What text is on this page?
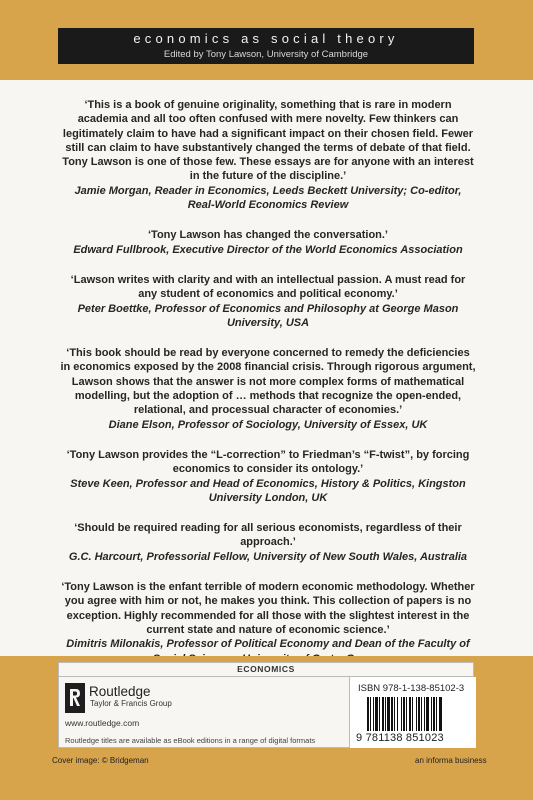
economics as social theory
Edited by Tony Lawson, University of Cambridge

‘This is a book of genuine originality, something that is rare in modern academia and all too often confused with mere novelty. Few thinkers can legitimately claim to have had a significant impact on their chosen field. Fewer still can claim to have substantively changed the terms of debate of that field. Tony Lawson is one of those few. These essays are for anyone with an interest in the future of the discipline.’

Jamie Morgan, Reader in Economics, Leeds Beckett University; Co-editor, Real-World Economics Review

‘Tony Lawson has changed the conversation.’

Edward Fullbrook, Executive Director of the World Economics Association

‘Lawson writes with clarity and with an intellectual passion. A must read for any student of economics and political economy.’

Peter Boettke, Professor of Economics and Philosophy at George Mason University, USA

‘This book should be read by everyone concerned to remedy the deficiencies in economics exposed by the 2008 financial crisis. Through rigorous argument, Lawson shows that the answer is not more complex forms of mathematical modelling, but the adoption of … methods that recognize the open-ended, relational, and processual character of economies.’

Diane Elson, Professor of Sociology, University of Essex, UK

‘Tony Lawson provides the “L-correction” to Friedman’s “F-twist”, by forcing economics to consider its ontology.’

Steve Keen, Professor and Head of Economics, History & Politics, Kingston University London, UK

‘Should be required reading for all serious economists, regardless of their approach.’

G.C. Harcourt, Professorial Fellow, University of New South Wales, Australia

‘Tony Lawson is the enfant terrible of modern economic methodology. Whether you agree with him or not, he makes you think. This collection of papers is no exception. Highly recommended for all those with the slightest interest in the current state and nature of economic science.’

Dimitris Milonakis, Professor of Political Economy and Dean of the Faculty of

ECONOMICS
Routledge
Taylor & Francis Group
www.routledge.com
Routledge titles are available as eBook editions in a range of digital formats
ISBN 978-1-138-85102-3
9 781138 851023
Cover image: © Bridgeman	an informa business
